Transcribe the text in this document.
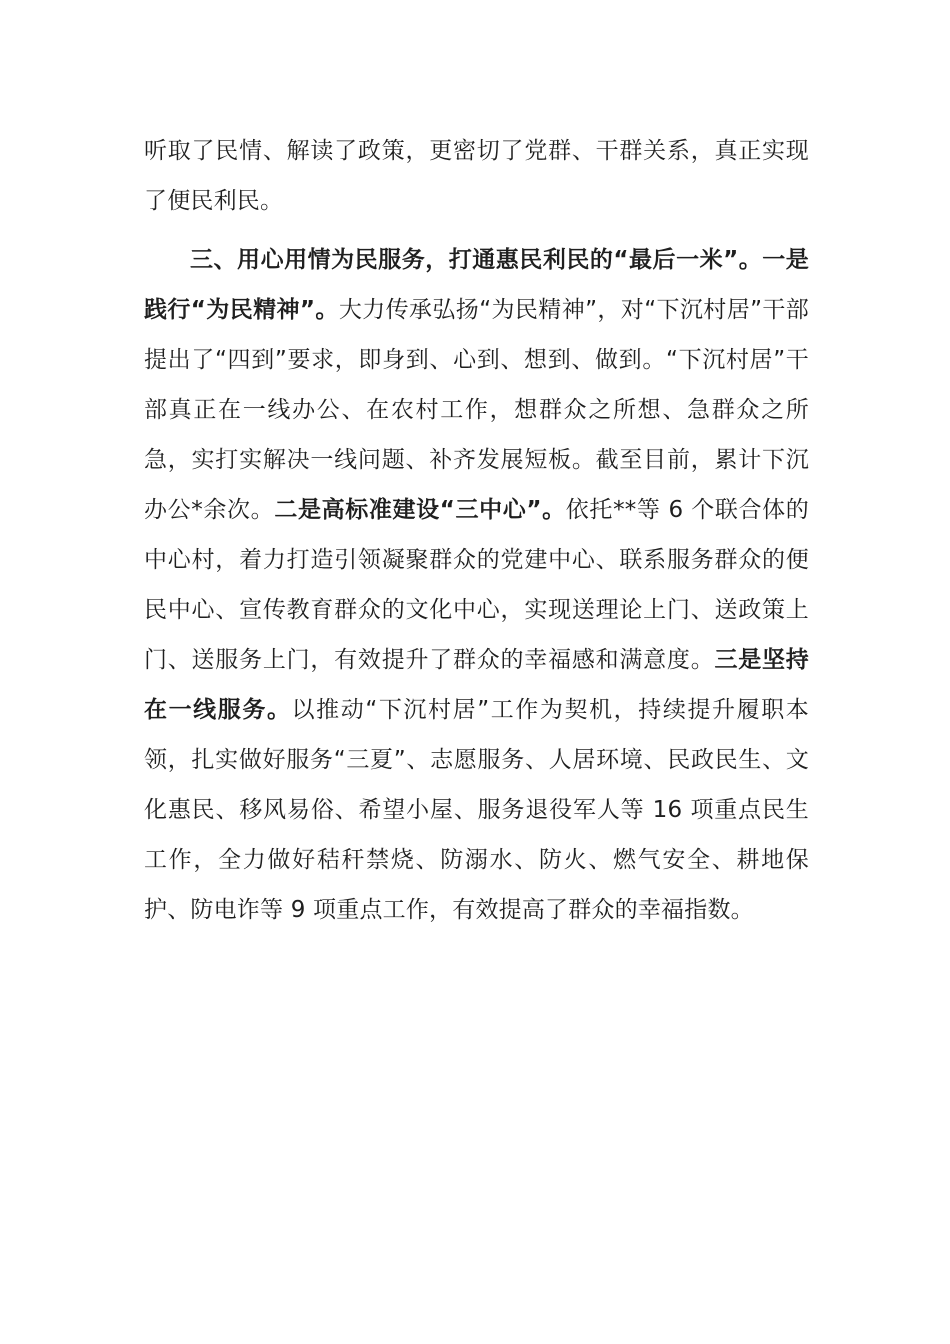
听取了民情、解读了政策，更密切了党群、干群关系，真正实现了便民利民。

三、用心用情为民服务，打通惠民利民的“最后一米”。一是践行“为民精神”。大力传承弘扬“为民精神”，对“下沉村居”干部提出了“四到”要求，即身到、心到、想到、做到。“下沉村居”干部真正在一线办公、在农村工作，想群众之所想、急群众之所急，实打实解决一线问题、补齐发展短板。截至目前，累计下沉办公*余次。二是高标准建设“三中心”。依托**等 6 个联合体的中心村，着力打造引领凝聚群众的党建中心、联系服务群众的便民中心、宣传教育群众的文化中心，实现送理论上门、送政策上门、送服务上门，有效提升了群众的幸福感和满意度。三是坚持在一线服务。以推动“下沉村居”工作为契机，持续提升履职本领，扎实做好服务“三夏”、志愿服务、人居环境、民政民生、文化惠民、移风易俗、希望小屋、服务退役军人等 16 项重点民生工作，全力做好秸秆禁烧、防溺水、防火、燃气安全、耕地保护、防电诈等 9 项重点工作，有效提高了群众的幸福指数。
